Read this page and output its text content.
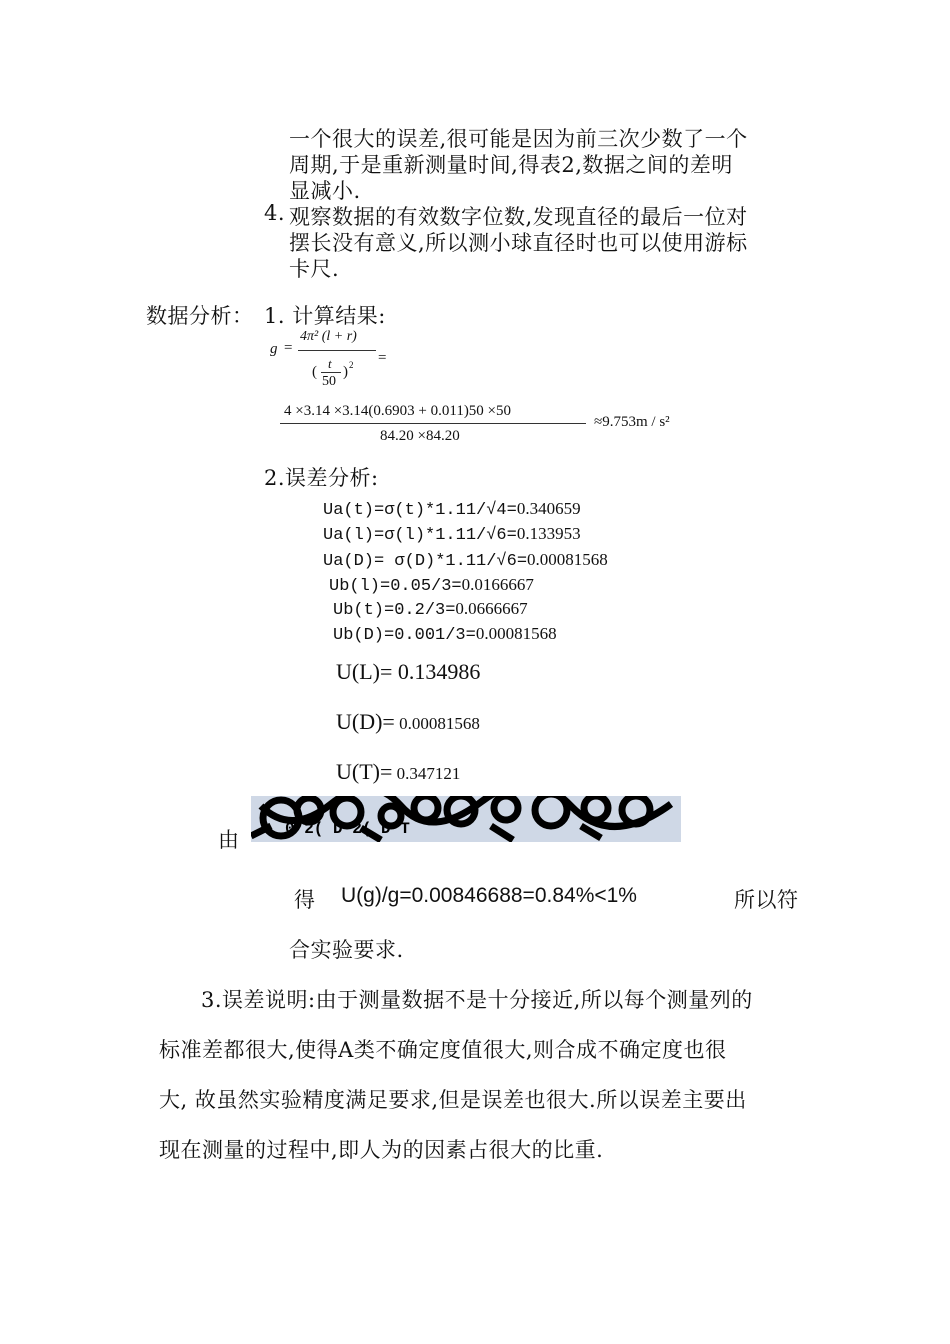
一个很大的误差,很可能是因为前三次少数了一个
周期,于是重新测量时间,得表2,数据之间的差明
显减小.
4. 观察数据的有效数字位数,发现直径的最后一位对
摆长没有意义,所以测小球直径时也可以使用游标
卡尺.
数据分析： 1. 计算结果:
g =
4π² (l + r)
(
t
50
) 2 =
4 ×3.14 ×3.14(0.6903 + 0.011)50 ×50
84.20 ×84.20
≈9.753m / s²
2.误差分析:
Ua(t)=σ(t)*1.11/√4=0.340659
Ua(l)=σ(l)*1.11/√6=0.133953
Ua(D)= σ(D)*1.11/√6=0.00081568
Ub(l)=0.05/3=0.0166667
Ub(t)=0.2/3=0.0666667
Ub(D)=0.001/3=0.00081568
U(L)= 0.134986
U(D)= 0.00081568
U(T)= 0.347121
由	0 2( D 2( D T
得 U(g)/g=0.00846688=0.84%<1%	所以符
合实验要求.
3.误差说明:由于测量数据不是十分接近,所以每个测量列的
标准差都很大,使得A类不确定度值很大,则合成不确定度也很
大, 故虽然实验精度满足要求,但是误差也很大.所以误差主要出
现在测量的过程中,即人为的因素占很大的比重.
